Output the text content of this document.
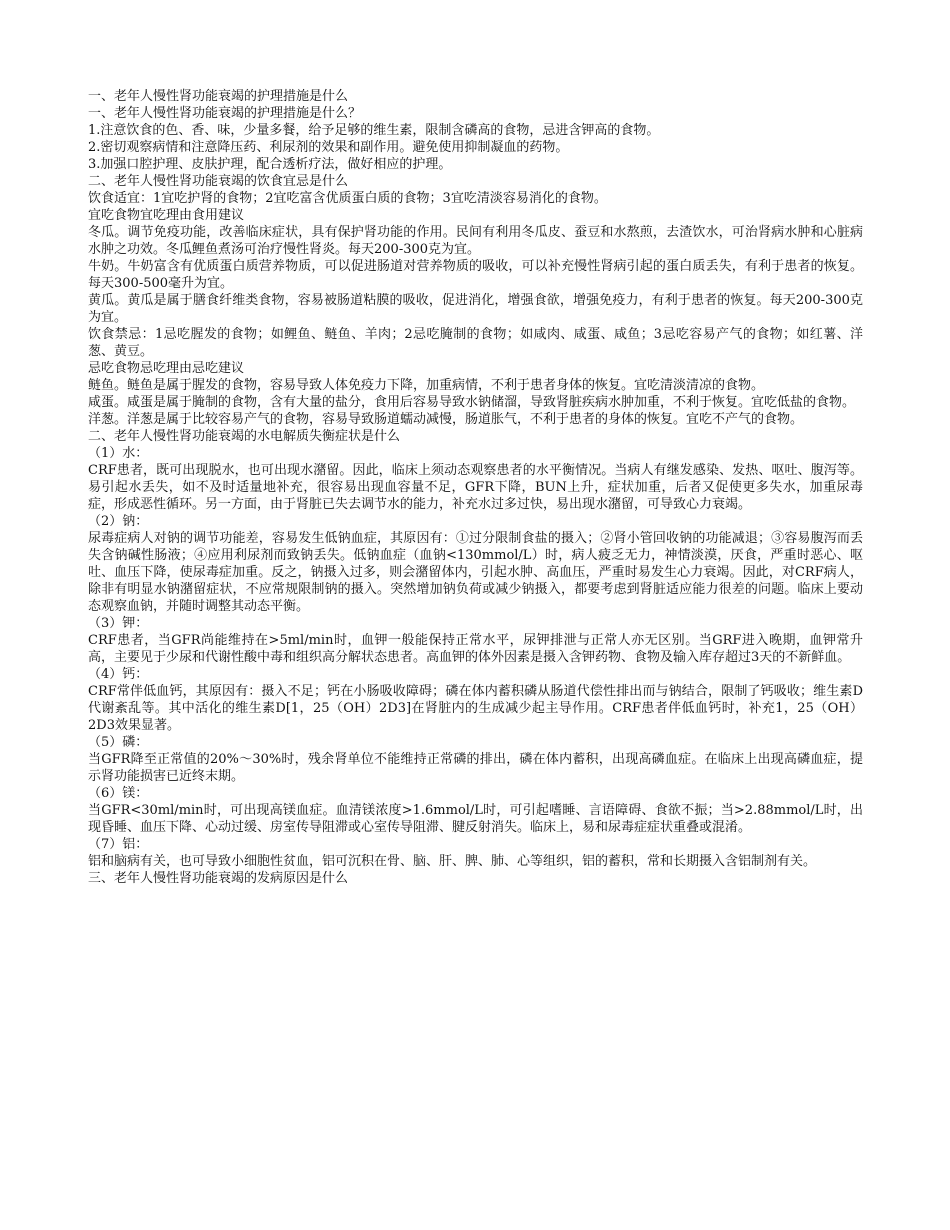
一、老年人慢性肾功能衰竭的护理措施是什么

一、老年人慢性肾功能衰竭的护理措施是什么？

1.注意饮食的色、香、味，少量多餐，给予足够的维生素，限制含磷高的食物，忌进含钾高的食物。

2.密切观察病情和注意降压药、利尿剂的效果和副作用。避免使用抑制凝血的药物。

3.加强口腔护理、皮肤护理，配合透析疗法，做好相应的护理。

二、老年人慢性肾功能衰竭的饮食宜忌是什么

饮食适宜：1宜吃护肾的食物；2宜吃富含优质蛋白质的食物；3宜吃清淡容易消化的食物。

宜吃食物宜吃理由食用建议

冬瓜。调节免疫功能，改善临床症状，具有保护肾功能的作用。民间有利用冬瓜皮、蚕豆和水熬煎，去渣饮水，可治肾病水肿和心脏病水肿之功效。冬瓜鲤鱼煮汤可治疗慢性肾炎。每天200-300克为宜。

牛奶。牛奶富含有优质蛋白质营养物质，可以促进肠道对营养物质的吸收，可以补充慢性肾病引起的蛋白质丢失，有利于患者的恢复。每天300-500毫升为宜。

黄瓜。黄瓜是属于膳食纤维类食物，容易被肠道粘膜的吸收，促进消化，增强食欲，增强免疫力，有利于患者的恢复。每天200-300克为宜。

饮食禁忌：1忌吃腥发的食物；如鲤鱼、鲢鱼、羊肉；2忌吃腌制的食物；如咸肉、咸蛋、咸鱼；3忌吃容易产气的食物；如红薯、洋葱、黄豆。

忌吃食物忌吃理由忌吃建议

鲢鱼。鲢鱼是属于腥发的食物，容易导致人体免疫力下降，加重病情，不利于患者身体的恢复。宜吃清淡清凉的食物。

咸蛋。咸蛋是属于腌制的食物，含有大量的盐分，食用后容易导致水钠储溜，导致肾脏疾病水肿加重，不利于恢复。宜吃低盐的食物。

洋葱。洋葱是属于比较容易产气的食物，容易导致肠道蠕动减慢，肠道胀气，不利于患者的身体的恢复。宜吃不产气的食物。

二、老年人慢性肾功能衰竭的水电解质失衡症状是什么

（1）水：

CRF患者，既可出现脱水，也可出现水潴留。因此，临床上须动态观察患者的水平衡情况。当病人有继发感染、发热、呕吐、腹泻等。易引起水丢失，如不及时适量地补充，很容易出现血容量不足，GFR下降，BUN上升，症状加重，后者又促使更多失水，加重尿毒症，形成恶性循环。另一方面，由于肾脏已失去调节水的能力，补充水过多过快，易出现水潴留，可导致心力衰竭。

（2）钠：

尿毒症病人对钠的调节功能差，容易发生低钠血症，其原因有：①过分限制食盐的摄入；②肾小管回收钠的功能减退；③容易腹泻而丢失含钠碱性肠液；④应用利尿剂而致钠丢失。低钠血症（血钠<130mmol/L）时，病人疲乏无力，神情淡漠，厌食，严重时恶心、呕吐、血压下降，使尿毒症加重。反之，钠摄入过多，则会潴留体内，引起水肿、高血压，严重时易发生心力衰竭。因此，对CRF病人，除非有明显水钠潴留症状，不应常规限制钠的摄入。突然增加钠负荷或减少钠摄入，都要考虑到肾脏适应能力很差的问题。临床上要动态观察血钠，并随时调整其动态平衡。

（3）钾：

CRF患者，当GFR尚能维持在>5ml/min时，血钾一般能保持正常水平，尿钾排泄与正常人亦无区别。当GRF进入晚期，血钾常升高，主要见于少尿和代谢性酸中毒和组织高分解状态患者。高血钾的体外因素是摄入含钾药物、食物及输入库存超过3天的不新鲜血。

（4）钙：

CRF常伴低血钙，其原因有：摄入不足；钙在小肠吸收障碍；磷在体内蓄积磷从肠道代偿性排出而与钠结合，限制了钙吸收；维生素D代谢紊乱等。其中活化的维生素D[1，25（OH）2D3]在肾脏内的生成减少起主导作用。CRF患者伴低血钙时，补充1，25（OH）2D3效果显著。

（5）磷：

当GFR降至正常值的20%～30%时，残余肾单位不能维持正常磷的排出，磷在体内蓄积，出现高磷血症。在临床上出现高磷血症，提示肾功能损害已近终末期。

（6）镁：

当GFR<30ml/min时，可出现高镁血症。血清镁浓度>1.6mmol/L时，可引起嗜睡、言语障碍、食欲不振；当>2.88mmol/L时，出现昏睡、血压下降、心动过缓、房室传导阻滞或心室传导阻滞、腱反射消失。临床上，易和尿毒症症状重叠或混淆。

（7）铝：

铝和脑病有关，也可导致小细胞性贫血，铝可沉积在骨、脑、肝、脾、肺、心等组织，铝的蓄积，常和长期摄入含铝制剂有关。

三、老年人慢性肾功能衰竭的发病原因是什么
